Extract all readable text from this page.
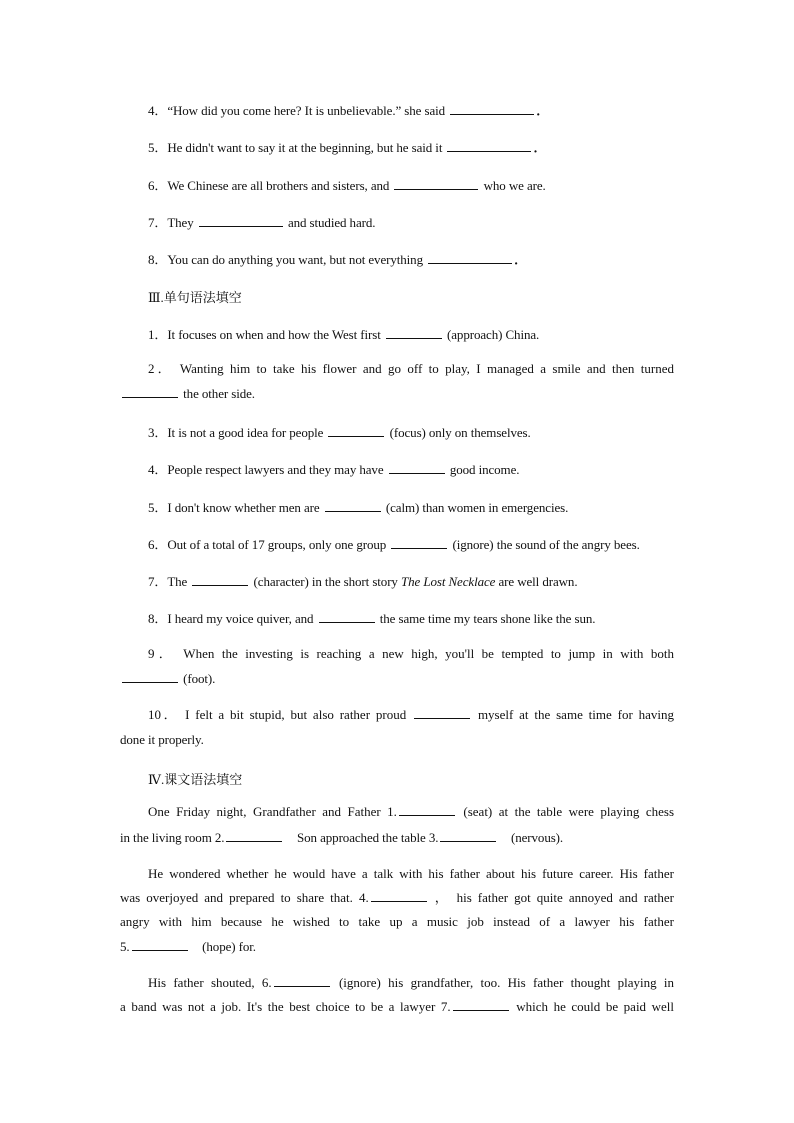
4．“How did you come here? It is unbelievable.” she said	．
5．He didn't want to say it at the beginning, but he said it	．
6．We Chinese are all brothers and sisters, and	who we are.
7．They	and studied hard.
8．You can do anything you want, but not everything	．
Ⅲ.单句语法填空
1．It focuses on when and how the West first	(approach) China.
2． Wanting him to take his flower and go off to play, I managed a smile and then turned
the other side.
3．It is not a good idea for people	(focus) only on themselves.
4．People respect lawyers and they may have	good income.
5．I don't know whether men are	(calm) than women in emergencies.
6．Out of a total of 17 groups, only one group	(ignore) the sound of the angry bees.
7．The	(character) in the short story The Lost Necklace are well drawn.
8．I heard my voice quiver, and	the same time my tears shone like the sun.
9． When the investing is reaching a new high, you'll be tempted to jump in with both
(foot).
10． I felt a bit stupid, but also rather proud	myself at the same time for having
done it properly.
Ⅳ.课文语法填空
One Friday night, Grandfather and Father 1.	(seat) at the table were playing chess
in the living room 2.	Son approached the table 3.	(nervous).
He wondered whether he would have a talk with his father about his future career. His father
was overjoyed and prepared to share that. 4.	， his father got quite annoyed and rather
angry with him because he wished to take up a music job instead of a lawyer his father
5.	(hope) for.
His father shouted, 6.	(ignore) his grandfather, too. His father thought playing in
a band was not a job. It's the best choice to be a lawyer 7.	which he could be paid well
